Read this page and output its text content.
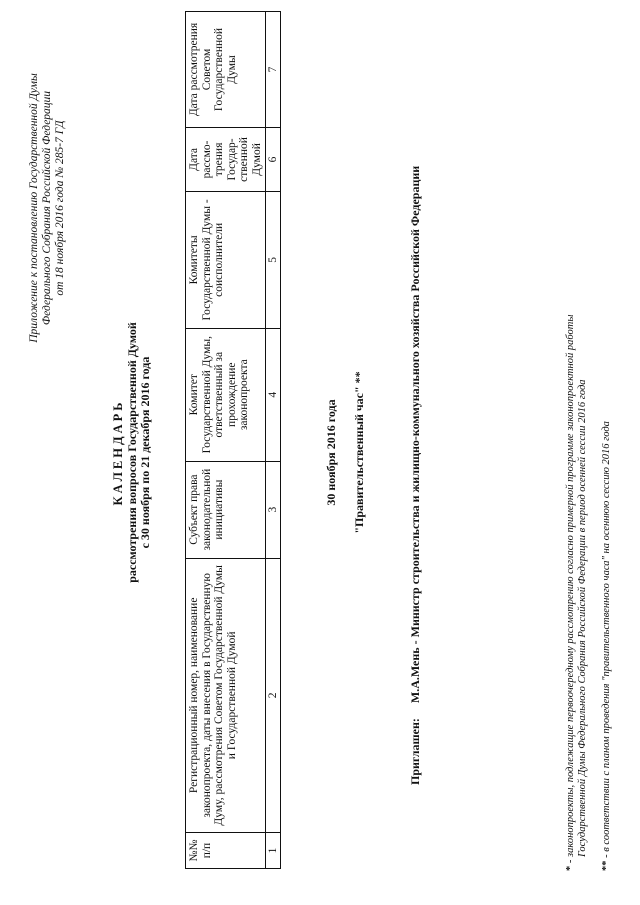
Приложение к постановлению Государственной Думы Федерального Собрания Российской Федерации от 18 ноября 2016 года № 285-7 ГД
КАЛЕНДАРЬ рассмотрения вопросов Государственной Думой с 30 ноября по 21 декабря 2016 года
№№ п/п	Регистрационный номер, наименование законопроекта, даты внесения в Государственную Думу, рассмотрения Советом Государственной Думы и Государственной Думой	Субъект права законодательной инициативы	Комитет Государственной Думы, ответственный за прохождение законопроекта	Комитеты Государственной Думы - соисполнители	Дата рассмо-трения Государ-ственной Думой	Дата рассмотрения Советом Государственной Думы
1	2	3	4	5	6	7
30 ноября 2016 года "Правительственный час" **
Приглашен: М.А.Мень - Министр строительства и жилищно-коммунального хозяйства Российской Федерации
* - законопроекты, подлежащие первоочередному рассмотрению согласно примерной программе законопроектной работы Государственной Думы Федерального Собрания Российской Федерации в период осенней сессии 2016 года
** - в соответствии с планом проведения "правительственного часа" на осеннюю сессию 2016 года
